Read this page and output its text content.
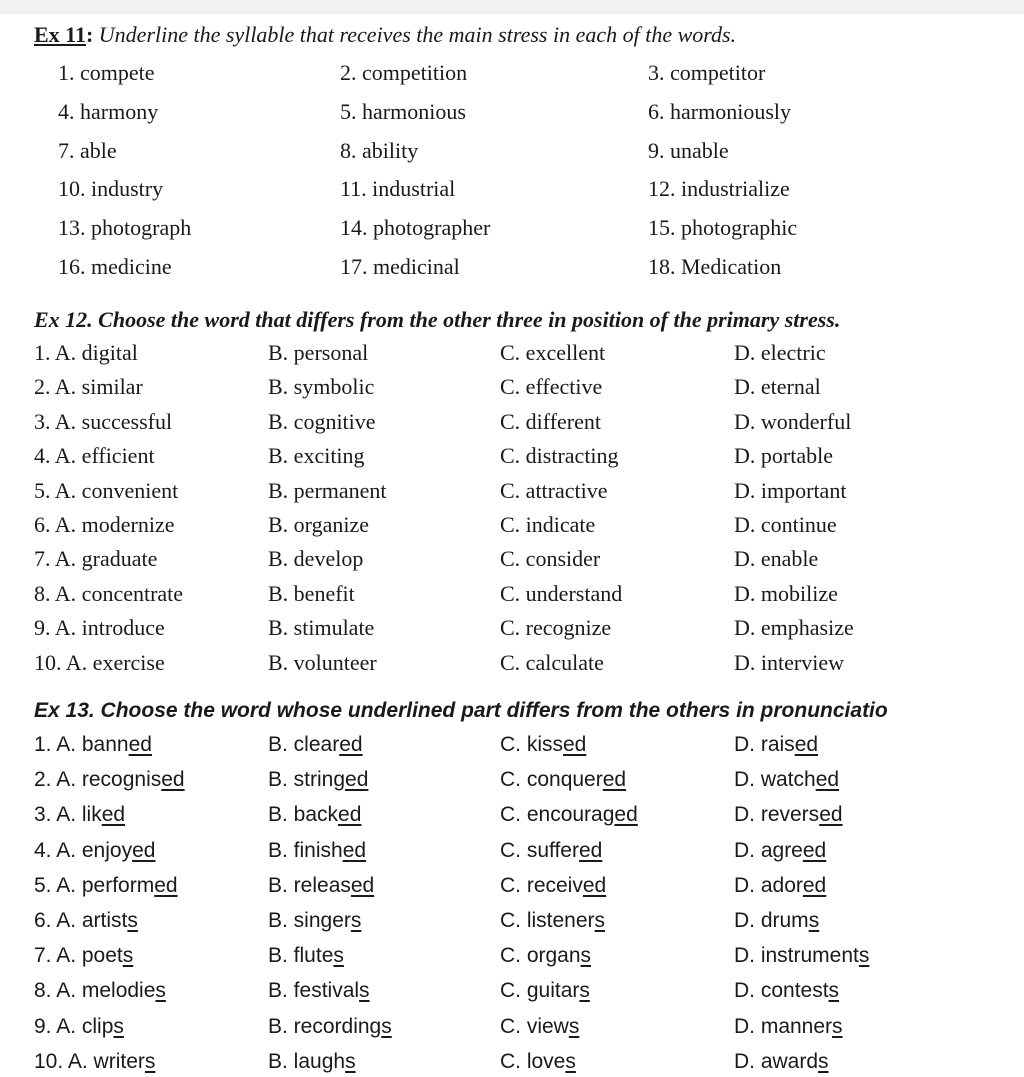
Ex 11: Underline the syllable that receives the main stress in each of the words.
1. compete	2. competition	3. competitor
4. harmony	5. harmonious	6. harmoniously
7. able	8. ability	9. unable
10. industry	11. industrial	12. industrialize
13. photograph	14. photographer	15. photographic
16. medicine	17. medicinal	18. Medication
Ex 12. Choose the word that differs from the other three in position of the primary stress.
1. A. digital	B. personal	C. excellent	D. electric
2. A. similar	B. symbolic	C. effective	D. eternal
3. A. successful	B. cognitive	C. different	D. wonderful
4. A. efficient	B. exciting	C. distracting	D. portable
5. A. convenient	B. permanent	C. attractive	D. important
6. A. modernize	B. organize	C. indicate	D. continue
7. A. graduate	B. develop	C. consider	D. enable
8. A. concentrate	B. benefit	C. understand	D. mobilize
9. A. introduce	B. stimulate	C. recognize	D. emphasize
10. A. exercise	B. volunteer	C. calculate	D. interview
Ex 13. Choose the word whose underlined part differs from the others in pronunciatio
1. A. banned	B. cleared	C. kissed	D. raised
2. A. recognised	B. stringed	C. conquered	D. watched
3. A. liked	B. backed	C. encouraged	D. reversed
4. A. enjoyed	B. finished	C. suffered	D. agreed
5. A. performed	B. released	C. received	D. adored
6. A. artists	B. singers	C. listeners	D. drums
7. A. poets	B. flutes	C. organs	D. instruments
8. A. melodies	B. festivals	C. guitars	D. contests
9. A. clips	B. recordings	C. views	D. manners
10. A. writers	B. laughs	C. loves	D. awards
